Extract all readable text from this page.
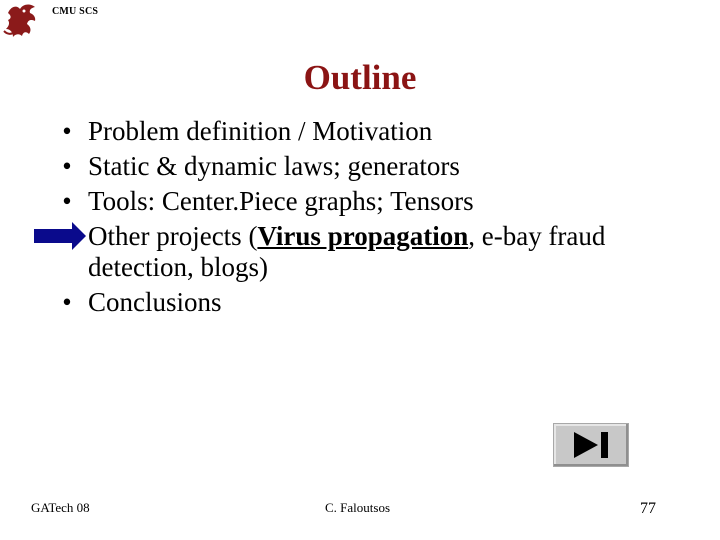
CMU SCS
Outline
• Problem definition / Motivation
• Static & dynamic laws; generators
• Tools: Center.Piece graphs; Tensors
Other projects (Virus propagation, e-bay fraud detection, blogs)
• Conclusions
GATech 08	C. Faloutsos	77
